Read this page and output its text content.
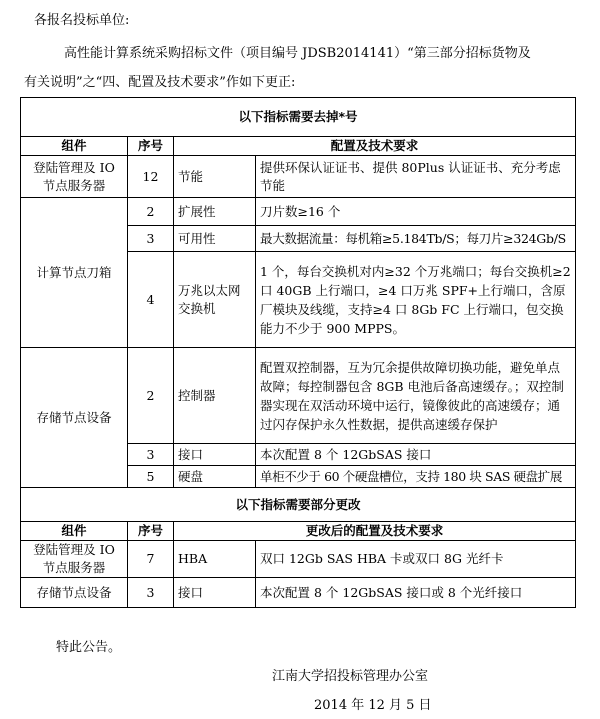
各报名投标单位:
高性能计算系统采购招标文件（项目编号 JDSB2014141）“第三部分招标货物及
有关说明”之“四、配置及技术要求”作如下更正:
以下指标需要去掉*号			
组件	序号	配置及技术要求	
登陆管理及 IO 节点服务器	12	节能	提供环保认证证书、提供 80Plus 认证证书、充分考虑节能
计算节点刀箱	2	扩展性	刀片数≥16 个
	3	可用性	最大数据流量：每机箱≥5.184Tb/S；每刀片≥324Gb/S
	4	万兆以太网交换机	1 个，每台交换机对内≥32 个万兆端口；每台交换机≥2 口 40GB 上行端口，≥4 口万兆 SPF+上行端口，含原厂模块及线缆，支持≥4 口 8Gb FC 上行端口，包交换能力不少于 900 MPPS。
存储节点设备	2	控制器	配置双控制器，互为冗余提供故障切换功能，避免单点故障；每控制器包含 8GB 电池后备高速缓存。；双控制器实现在双活动环境中运行，镜像彼此的高速缓存；通过闪存保护永久性数据，提供高速缓存保护
	3	接口	本次配置 8 个 12GbSAS 接口
	5	硬盘	单柜不少于 60 个硬盘槽位，支持 180 块 SAS 硬盘扩展
以下指标需要部分更改			
组件	序号	更改后的配置及技术要求	
登陆管理及 IO 节点服务器	7	HBA	双口 12Gb SAS HBA 卡或双口 8G 光纤卡
存储节点设备	3	接口	本次配置 8 个 12GbSAS 接口或 8 个光纤接口
特此公告。
江南大学招投标管理办公室
2014 年 12 月 5 日
